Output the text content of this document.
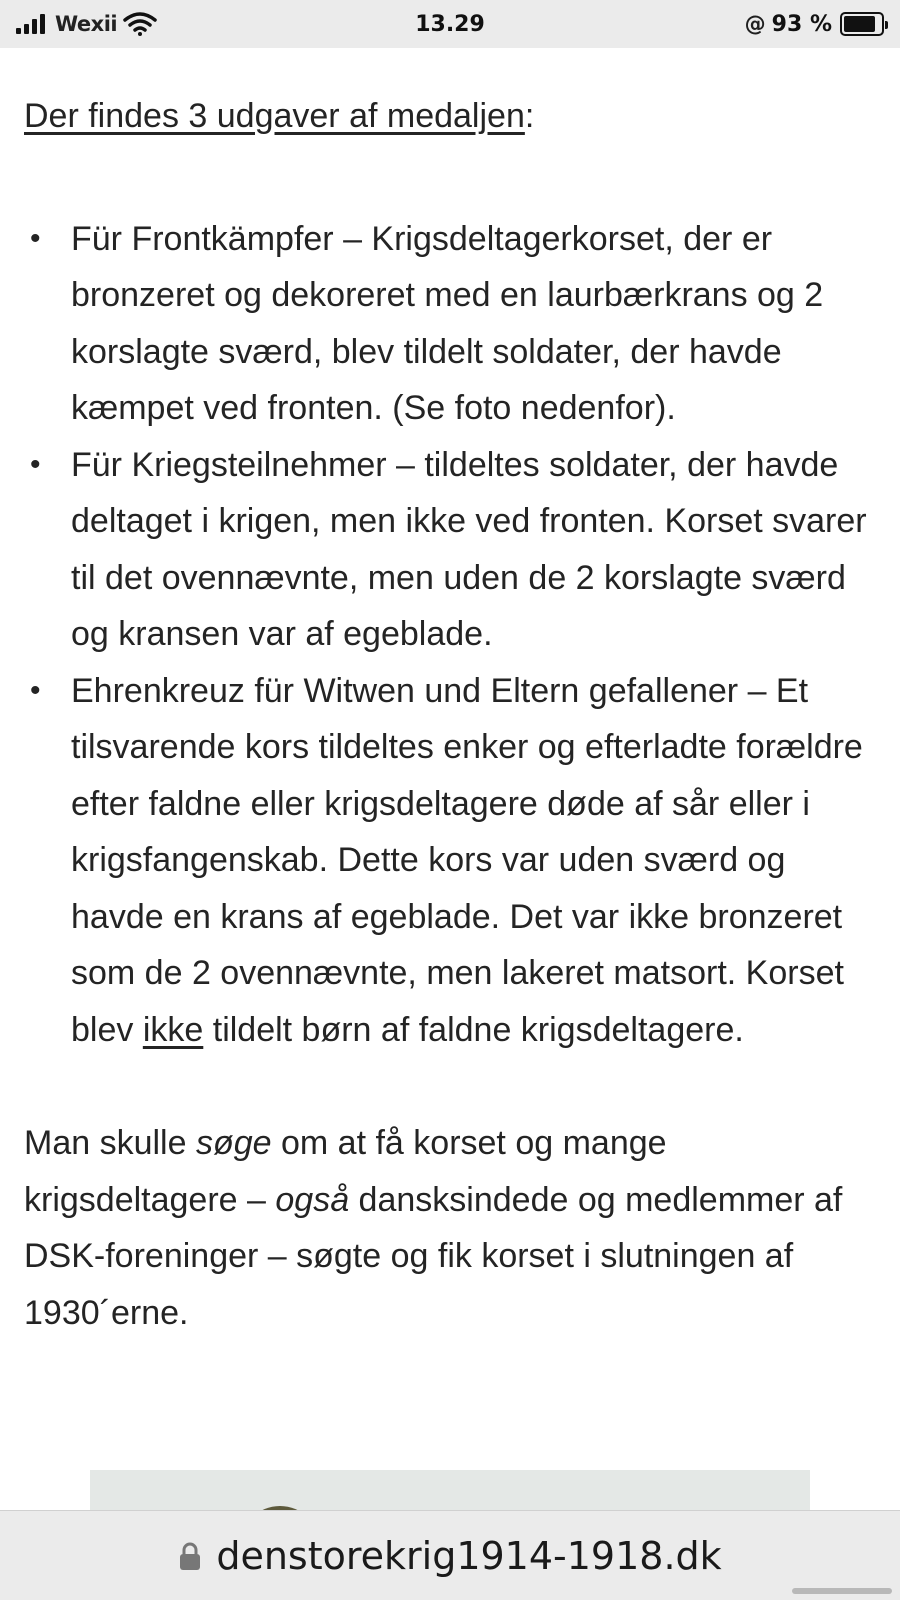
Wexii	13.29	@ 93 %

Der findes 3 udgaver af medaljen:

• Für Frontkämpfer – Krigsdeltagerkorset, der er bronzeret og dekoreret med en laurbærkrans og 2 korslagte sværd, blev tildelt soldater, der havde kæmpet ved fronten. (Se foto nedenfor).
• Für Kriegsteilnehmer – tildeltes soldater, der havde deltaget i krigen, men ikke ved fronten. Korset svarer til det ovennævnte, men uden de 2 korslagte sværd og kransen var af egeblade.
• Ehrenkreuz für Witwen und Eltern gefallener – Et tilsvarende kors tildeltes enker og efterladte forældre efter faldne eller krigsdeltagere døde af sår eller i krigsfangenskab. Dette kors var uden sværd og havde en krans af egeblade. Det var ikke bronzeret som de 2 ovennævnte, men lakeret matsort. Korset blev ikke tildelt børn af faldne krigsdeltagere.

Man skulle søge om at få korset og mange krigsdeltagere – også dansksindede og medlemmer af DSK-foreninger – søgte og fik korset i slutningen af 1930´erne.

denstorekrig1914-1918.dk
